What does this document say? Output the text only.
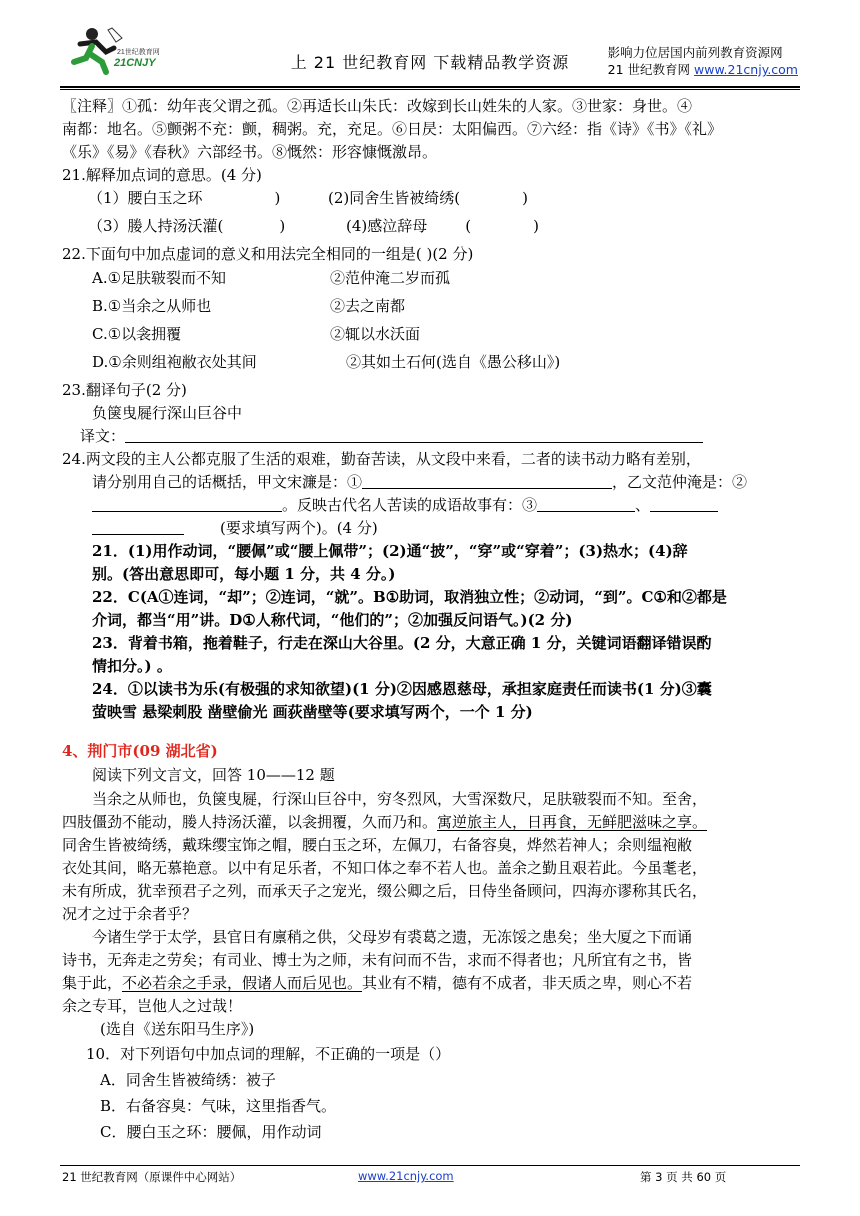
21世纪教育网
21CNJY	上 21 世纪教育网 下载精品教学资源
影响力位居国内前列教育资源网
21 世纪教育网 www.21cnjy.com
〖注释〗①孤：幼年丧父谓之孤。②再适长山朱氏：改嫁到长山姓朱的人家。③世家：身世。④
南都：地名。⑤颤粥不充：颤，稠粥。充，充足。⑥日昃：太阳偏西。⑦六经：指《诗》《书》《礼》
《乐》《易》《春秋》六部经书。⑧慨然：形容慷慨激昂。
21.解释加点词的意思。(4 分)
（1）腰白玉之环	)	(2)同舍生皆被绮绣(	)
（3）媵人持汤沃灌(	)	(4)感泣辞母	(	)
22.下面句中加点虚词的意义和用法完全相同的一组是( )(2 分)
A.①足肤皲裂而不知	②范仲淹二岁而孤
B.①当余之从师也	②去之南都
C.①以衾拥覆	②辄以水沃面
D.①余则组袍敝衣处其间	②其如土石何(选自《愚公移山》)
23.翻译句子(2 分)
负箧曳屣行深山巨谷中
译文：
24.两文段的主人公都克服了生活的艰难，勤奋苦读，从文段中来看，二者的读书动力略有差别，
请分别用自己的话概括，甲文宋濂是：①	，乙文范仲淹是：②
。反映古代名人苦读的成语故事有：③	、
(要求填写两个)。(4 分)
21．(1)用作动词，“腰佩”或“腰上佩带”；(2)通“披”，“穿”或“穿着”；(3)热水；(4)辞
别。(答出意思即可，每小题 1 分，共 4 分。)
22．C(A①连词，“却”；②连词，“就”。B①助词，取消独立性；②动词，“到”。C①和②都是
介词，都当“用”讲。D①人称代词，“他们的”；②加强反问语气。)(2 分)
23．背着书箱，拖着鞋子，行走在深山大谷里。(2 分，大意正确 1 分，关键词语翻译错误酌
情扣分。) 。
24．①以读书为乐(有极强的求知欲望)(1 分)②因感恩慈母，承担家庭责任而读书(1 分)③囊
萤映雪 悬梁刺股 凿壁偷光 画荻凿壁等(要求填写两个，一个 1 分)
4、荆门市(09 湖北省)
阅读下列文言文，回答 10——12 题
当余之从师也，负箧曳屣，行深山巨谷中，穷冬烈风，大雪深数尺，足肤皲裂而不知。至舍，
四肢僵劲不能动，媵人持汤沃灌，以衾拥覆，久而乃和。寓逆旅主人，日再食，无鲜肥滋味之享。
同舍生皆被绮绣，戴珠缨宝饰之帽，腰白玉之环，左佩刀，右备容臭，烨然若神人；余则缊袍敝
衣处其间，略无慕艳意。以中有足乐者，不知口体之奉不若人也。盖余之勤且艰若此。今虽耄老，
未有所成，犹幸预君子之列，而承天子之宠光，缀公卿之后，日侍坐备顾问，四海亦谬称其氏名，
况才之过于余者乎？
今诸生学于太学，县官日有廪稍之供，父母岁有裘葛之遗，无冻馁之患矣；坐大厦之下而诵
诗书，无奔走之劳矣；有司业、博士为之师，未有问而不告，求而不得者也；凡所宜有之书，皆
集于此，不必若余之手录，假诸人而后见也。其业有不精，德有不成者，非天质之卑，则心不若
余之专耳，岂他人之过哉！
(选自《送东阳马生序》)
10．对下列语句中加点词的理解，不正确的一项是（）
A．同舍生皆被绮绣：被子
B．右备容臭：气味，这里指香气。
C．腰白玉之环：腰佩，用作动词
21 世纪教育网（原课件中心网站）	www.21cnjy.com	第 3 页 共 60 页
